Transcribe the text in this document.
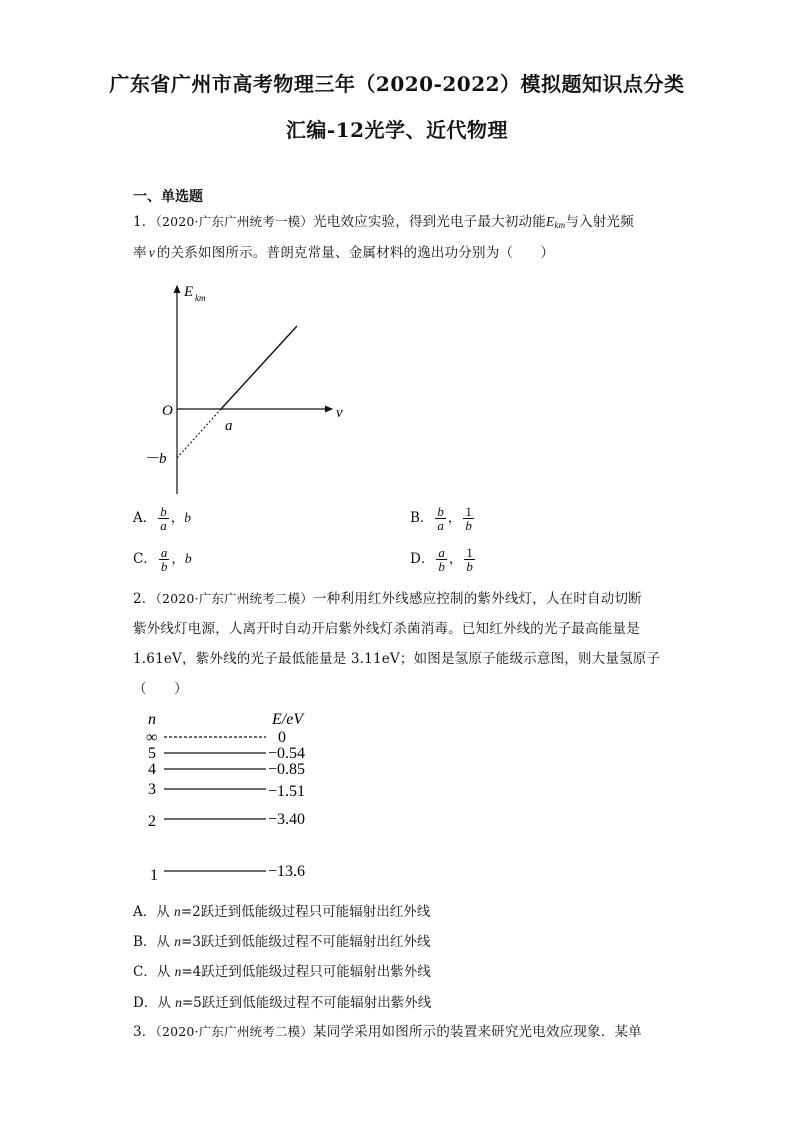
广东省广州市高考物理三年（2020-2022）模拟题知识点分类
汇编-12光学、近代物理
一、单选题
1．（2020·广东广州统考一模）光电效应实验，得到光电子最大初动能$E_{km}$与入射光频
率 ν 的关系如图所示。普朗克常量、金属材料的逸出功分别为（　　）
E km
ν
O
a
－b
A． $\frac{b}{a}$ ，b	B． $\frac{b}{a}$ ， $\frac{1}{b}$
C． $\frac{a}{b}$ ，b	D． $\frac{a}{b}$ ， $\frac{1}{b}$
2．（2020·广东广州统考二模）一种利用红外线感应控制的紫外线灯，人在时自动切断
紫外线灯电源，人离开时自动开启紫外线灯杀菌消毒。已知红外线的光子最高能量是
1.61eV，紫外线的光子最低能量是 3.11eV；如图是氢原子能级示意图，则大量氢原子
（　　）
n	E/eV
∞	0
5	−0.54
4	−0.85
3	−1.51
2	−3.40
1	−13.6
A．从 n=2跃迁到低能级过程只可能辐射出红外线
B．从 n=3跃迁到低能级过程不可能辐射出红外线
C．从 n=4跃迁到低能级过程只可能辐射出紫外线
D．从 n=5跃迁到低能级过程不可能辐射出紫外线
3．（2020·广东广州统考二模）某同学采用如图所示的装置来研究光电效应现象．某单
